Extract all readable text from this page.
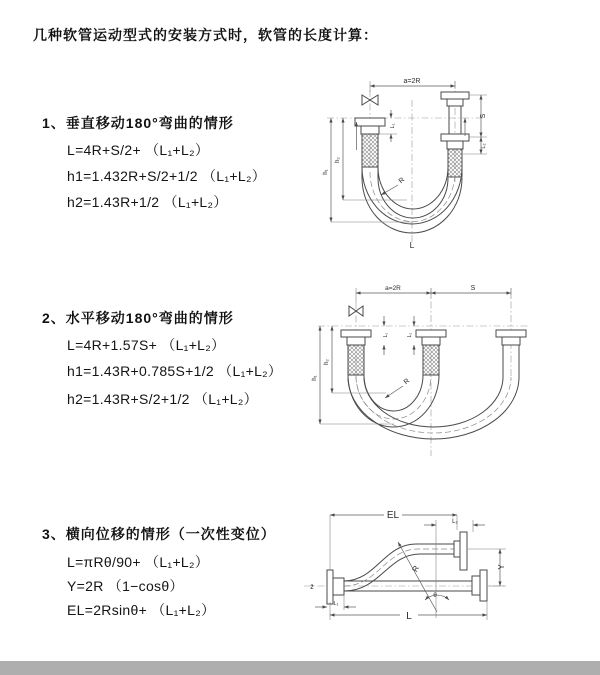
几种软管运动型式的安装方式时，软管的长度计算：
1、垂直移动180°弯曲的情形
L=4R+S/2+ （L₁+L₂）
h1=1.432R+S/2+1/2 （L₁+L₂）
h2=1.43R+1/2 （L₁+L₂）
2、水平移动180°弯曲的情形
L=4R+1.57S+ （L₁+L₂）
h1=1.43R+0.785S+1/2 （L₁+L₂）
h2=1.43R+S/2+1/2 （L₁+L₂）
3、横向位移的情形（一次性变位）
L=πRθ/90+ （L₁+L₂）
Y=2R （1−cosθ）
EL=2Rsinθ+ （L₁+L₂）
a=2R
L₁
S
L₂
h₂
h₁
R
L
a=2R	S
L₁	L₂
h₂
h₁	R
z̄
EL
L₂
Y
L
L₁
R
θ
